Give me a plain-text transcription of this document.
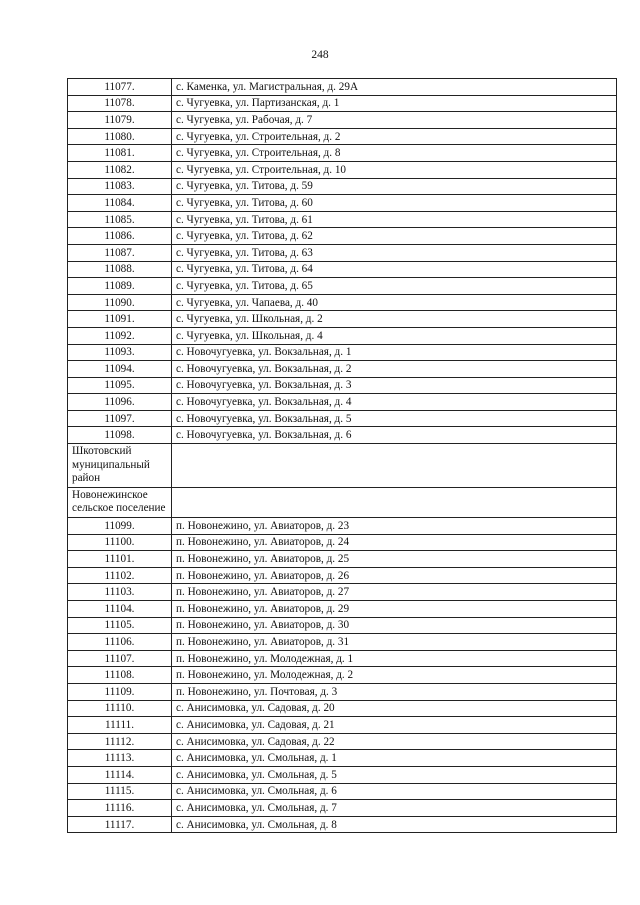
248
11077.	с. Каменка, ул. Магистральная, д. 29А
11078.	с. Чугуевка, ул. Партизанская, д. 1
11079.	с. Чугуевка, ул. Рабочая, д. 7
11080.	с. Чугуевка, ул. Строительная, д. 2
11081.	с. Чугуевка, ул. Строительная, д. 8
11082.	с. Чугуевка, ул. Строительная, д. 10
11083.	с. Чугуевка, ул. Титова, д. 59
11084.	с. Чугуевка, ул. Титова, д. 60
11085.	с. Чугуевка, ул. Титова, д. 61
11086.	с. Чугуевка, ул. Титова, д. 62
11087.	с. Чугуевка, ул. Титова, д. 63
11088.	с. Чугуевка, ул. Титова, д. 64
11089.	с. Чугуевка, ул. Титова, д. 65
11090.	с. Чугуевка, ул. Чапаева, д. 40
11091.	с. Чугуевка, ул. Школьная, д. 2
11092.	с. Чугуевка, ул. Школьная, д. 4
11093.	с. Новочугуевка, ул. Вокзальная, д. 1
11094.	с. Новочугуевка, ул. Вокзальная, д. 2
11095.	с. Новочугуевка, ул. Вокзальная, д. 3
11096.	с. Новочугуевка, ул. Вокзальная, д. 4
11097.	с. Новочугуевка, ул. Вокзальная, д. 5
11098.	с. Новочугуевка, ул. Вокзальная, д. 6
Шкотовский муниципальный район	
Новонежинское сельское поселение	
11099.	п. Новонежино, ул. Авиаторов, д. 23
11100.	п. Новонежино, ул. Авиаторов, д. 24
11101.	п. Новонежино, ул. Авиаторов, д. 25
11102.	п. Новонежино, ул. Авиаторов, д. 26
11103.	п. Новонежино, ул. Авиаторов, д. 27
11104.	п. Новонежино, ул. Авиаторов, д. 29
11105.	п. Новонежино, ул. Авиаторов, д. 30
11106.	п. Новонежино, ул. Авиаторов, д. 31
11107.	п. Новонежино, ул. Молодежная, д. 1
11108.	п. Новонежино, ул. Молодежная, д. 2
11109.	п. Новонежино, ул. Почтовая, д. 3
11110.	с. Анисимовка, ул. Садовая, д. 20
11111.	с. Анисимовка, ул. Садовая, д. 21
11112.	с. Анисимовка, ул. Садовая, д. 22
11113.	с. Анисимовка, ул. Смольная, д. 1
11114.	с. Анисимовка, ул. Смольная, д. 5
11115.	с. Анисимовка, ул. Смольная, д. 6
11116.	с. Анисимовка, ул. Смольная, д. 7
11117.	с. Анисимовка, ул. Смольная, д. 8
